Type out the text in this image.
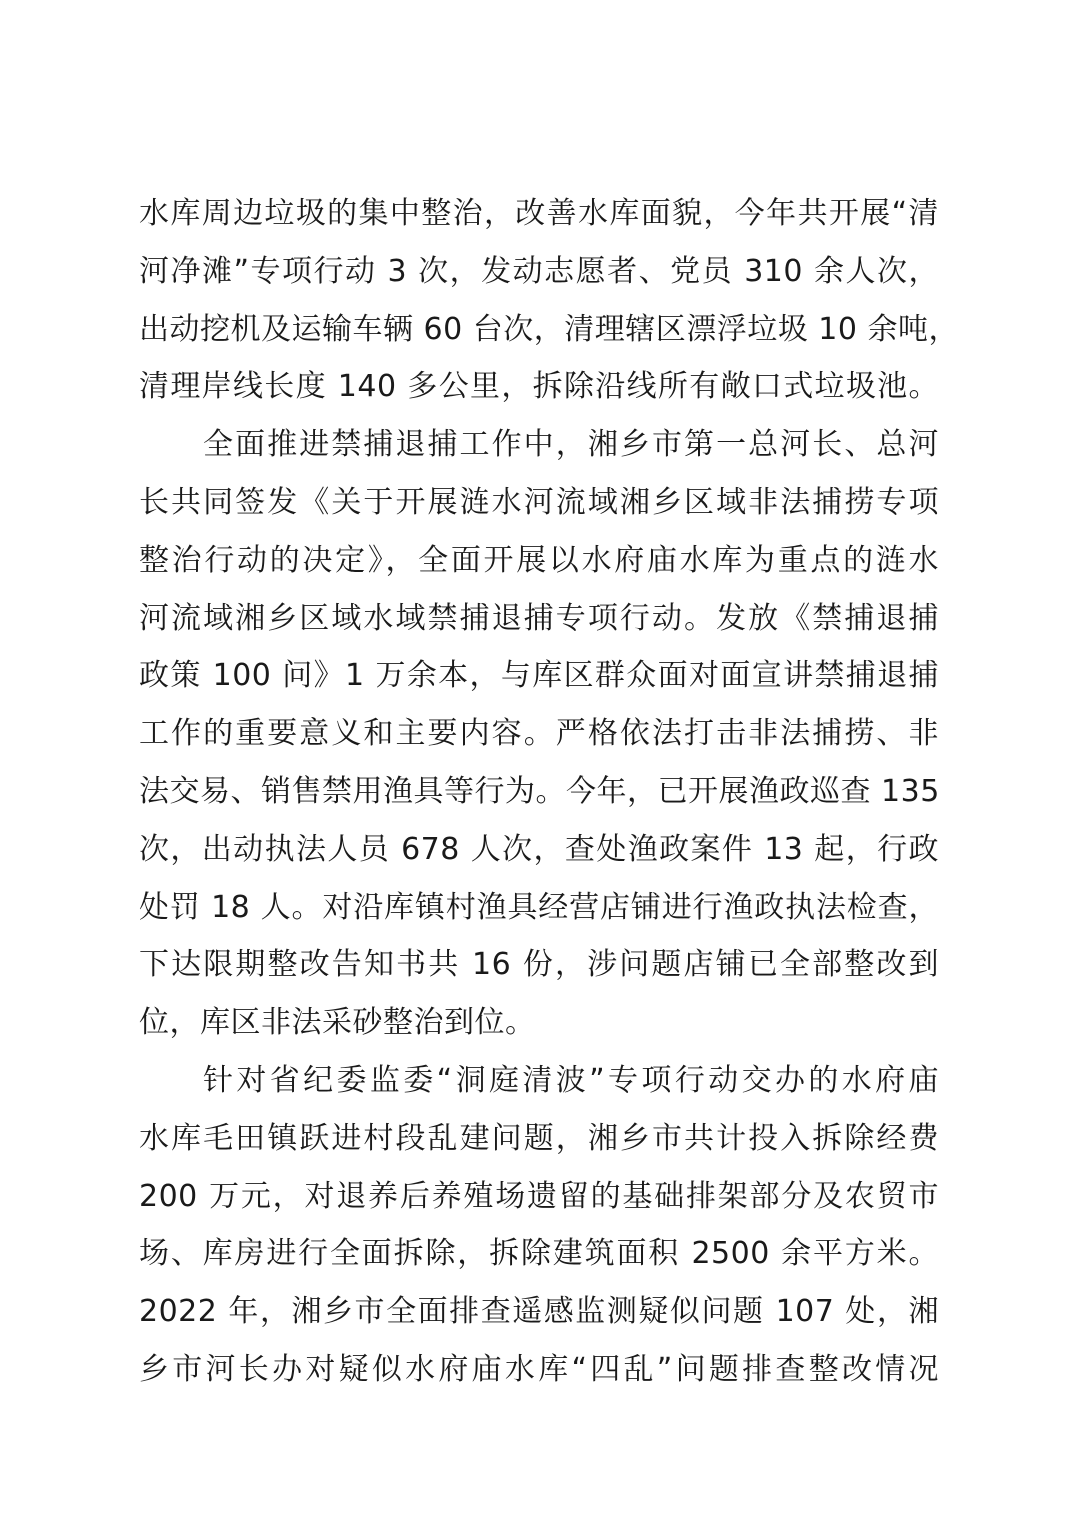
水库周边垃圾的集中整治，改善水库面貌，今年共开展“清
河净滩”专项行动 3 次，发动志愿者、党员 310 余人次，
出动挖机及运输车辆 60 台次，清理辖区漂浮垃圾 10 余吨，
清理岸线长度 140 多公里，拆除沿线所有敞口式垃圾池。
全面推进禁捕退捕工作中，湘乡市第一总河长、总河
长共同签发《关于开展涟水河流域湘乡区域非法捕捞专项
整治行动的决定》，全面开展以水府庙水库为重点的涟水
河流域湘乡区域水域禁捕退捕专项行动。发放《禁捕退捕
政策 100 问》1 万余本，与库区群众面对面宣讲禁捕退捕
工作的重要意义和主要内容。严格依法打击非法捕捞、非
法交易、销售禁用渔具等行为。今年，已开展渔政巡查 135
次，出动执法人员 678 人次，查处渔政案件 13 起，行政
处罚 18 人。对沿库镇村渔具经营店铺进行渔政执法检查，
下达限期整改告知书共 16 份，涉问题店铺已全部整改到
位，库区非法采砂整治到位。
针对省纪委监委“洞庭清波”专项行动交办的水府庙
水库毛田镇跃进村段乱建问题，湘乡市共计投入拆除经费
200 万元，对退养后养殖场遗留的基础排架部分及农贸市
场、库房进行全面拆除，拆除建筑面积 2500 余平方米。
2022 年，湘乡市全面排查遥感监测疑似问题 107 处，湘
乡市河长办对疑似水府庙水库“四乱”问题排查整改情况
